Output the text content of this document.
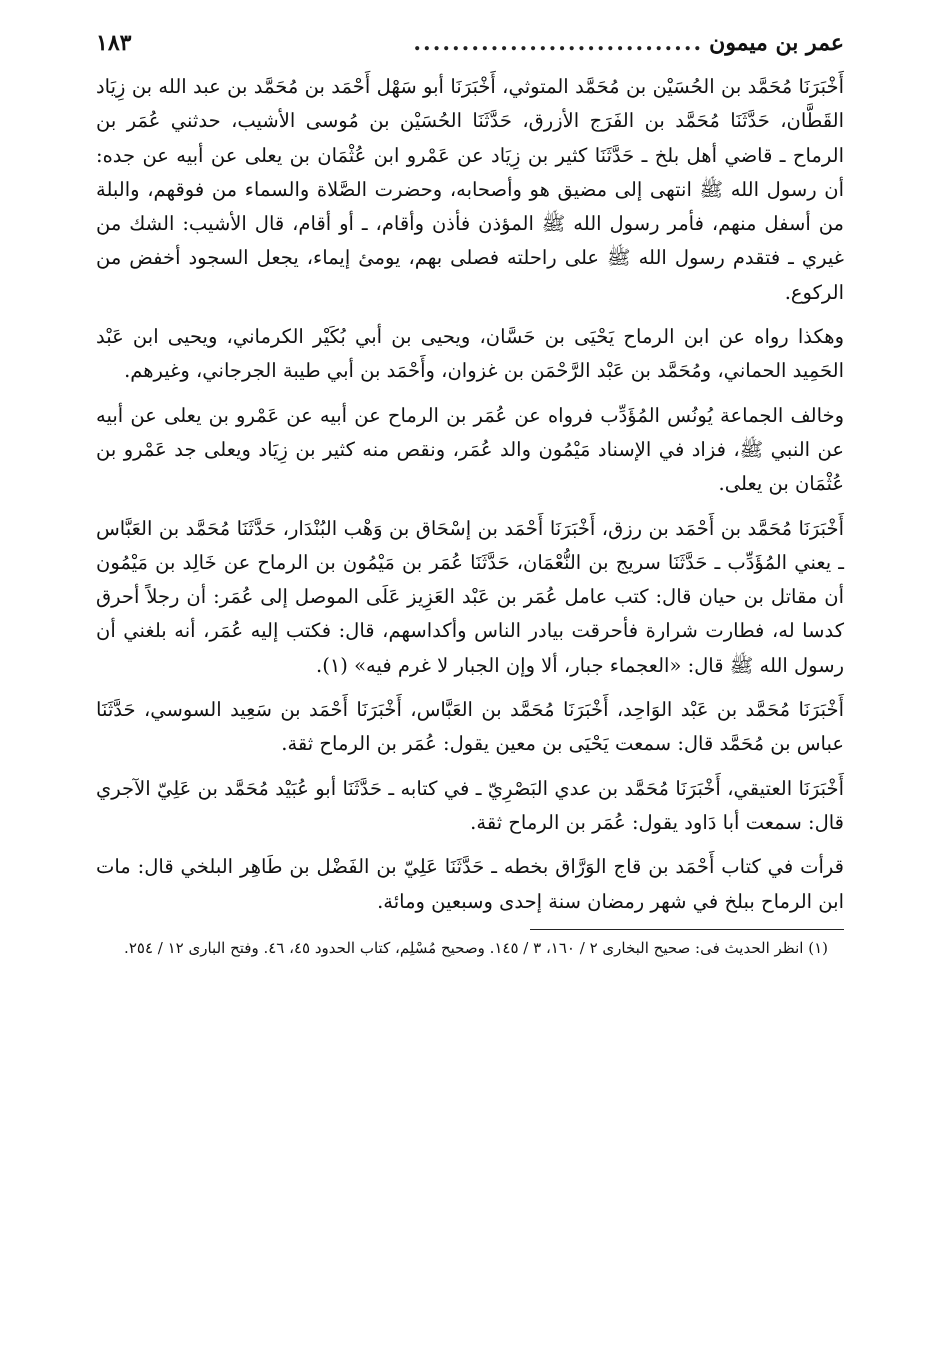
عمر بن ميمون
..............................
١٨٣

أَخْبَرَنَا مُحَمَّد بن الحُسَيْن بن مُحَمَّد المتوثي، أَخْبَرَنَا أبو سَهْل أَحْمَد بن مُحَمَّد بن عبد الله بن زِيَاد القَطَّان، حَدَّثَنَا مُحَمَّد بن الفَرَج الأزرق، حَدَّثَنَا الحُسَيْن بن مُوسى الأشيب، حدثني عُمَر بن الرماح ـ قاضي أهل بلخ ـ حَدَّثَنَا كثير بن زِيَاد عن عَمْرو ابن عُثْمَان بن يعلى عن أبيه عن جده: أن رسول الله ﷺ انتهى إلى مضيق هو وأصحابه، وحضرت الصَّلاة والسماء من فوقهم، والبلة من أسفل منهم، فأمر رسول الله ﷺ المؤذن فأذن وأقام، ـ أو أقام، قال الأشيب: الشك من غيري ـ فتقدم رسول الله ﷺ على راحلته فصلى بهم، يومئ إيماء، يجعل السجود أخفض من الركوع.

وهكذا رواه عن ابن الرماح يَحْيَى بن حَسَّان، ويحيى بن أبي بُكَيْر الكرماني، ويحيى ابن عَبْد الحَمِيد الحماني، ومُحَمَّد بن عَبْد الرَّحْمَن بن غزوان، وأَحْمَد بن أبي طيبة الجرجاني، وغيرهم.

وخالف الجماعة يُونُس المُؤَدِّب فرواه عن عُمَر بن الرماح عن أبيه عن عَمْرو بن يعلى عن أبيه عن النبي ﷺ، فزاد في الإسناد مَيْمُون والد عُمَر، ونقص منه كثير بن زِيَاد ويعلى جد عَمْرو بن عُثْمَان بن يعلى.

أَخْبَرَنَا مُحَمَّد بن أَحْمَد بن رزق، أَخْبَرَنَا أَحْمَد بن إسْحَاق بن وَهْب البُنْدَار، حَدَّثَنَا مُحَمَّد بن العَبَّاس ـ يعني المُؤَدِّب ـ حَدَّثَنَا سريج بن النُّعْمَان، حَدَّثَنَا عُمَر بن مَيْمُون بن الرماح عن خَالِد بن مَيْمُون أن مقاتل بن حيان قال: كتب عامل عُمَر بن عَبْد العَزِيز عَلَى الموصل إلى عُمَر: أن رجلاً أحرق كدسا له، فطارت شرارة فأحرقت بيادر الناس وأكداسهم، قال: فكتب إليه عُمَر، أنه بلغني أن رسول الله ﷺ قال: «العجماء جبار، ألا وإن الجبار لا غرم فيه» (١).

أَخْبَرَنَا مُحَمَّد بن عَبْد الوَاحِد، أَخْبَرَنَا مُحَمَّد بن العَبَّاس، أَخْبَرَنَا أَحْمَد بن سَعِيد السوسي، حَدَّثَنَا عباس بن مُحَمَّد قال: سمعت يَحْيَى بن معين يقول: عُمَر بن الرماح ثقة.

أَخْبَرَنَا العتيقي، أَخْبَرَنَا مُحَمَّد بن عدي البَصْرِيّ ـ في كتابه ـ حَدَّثَنَا أبو عُبَيْد مُحَمَّد بن عَلِيّ الآجري قال: سمعت أبا دَاود يقول: عُمَر بن الرماح ثقة.

قرأت في كتاب أَحْمَد بن قاج الوَرَّاق بخطه ـ حَدَّثَنَا عَلِيّ بن الفَضْل بن طَاهِر البلخي قال: مات ابن الرماح ببلخ في شهر رمضان سنة إحدى وسبعين ومائة.

(١) انظر الحديث فى: صحيح البخارى ٢ / ١٦٠، ٣ / ١٤٥. وصحيح مُسْلِم، كتاب الحدود ٤٥، ٤٦. وفتح البارى ١٢ / ٢٥٤.
